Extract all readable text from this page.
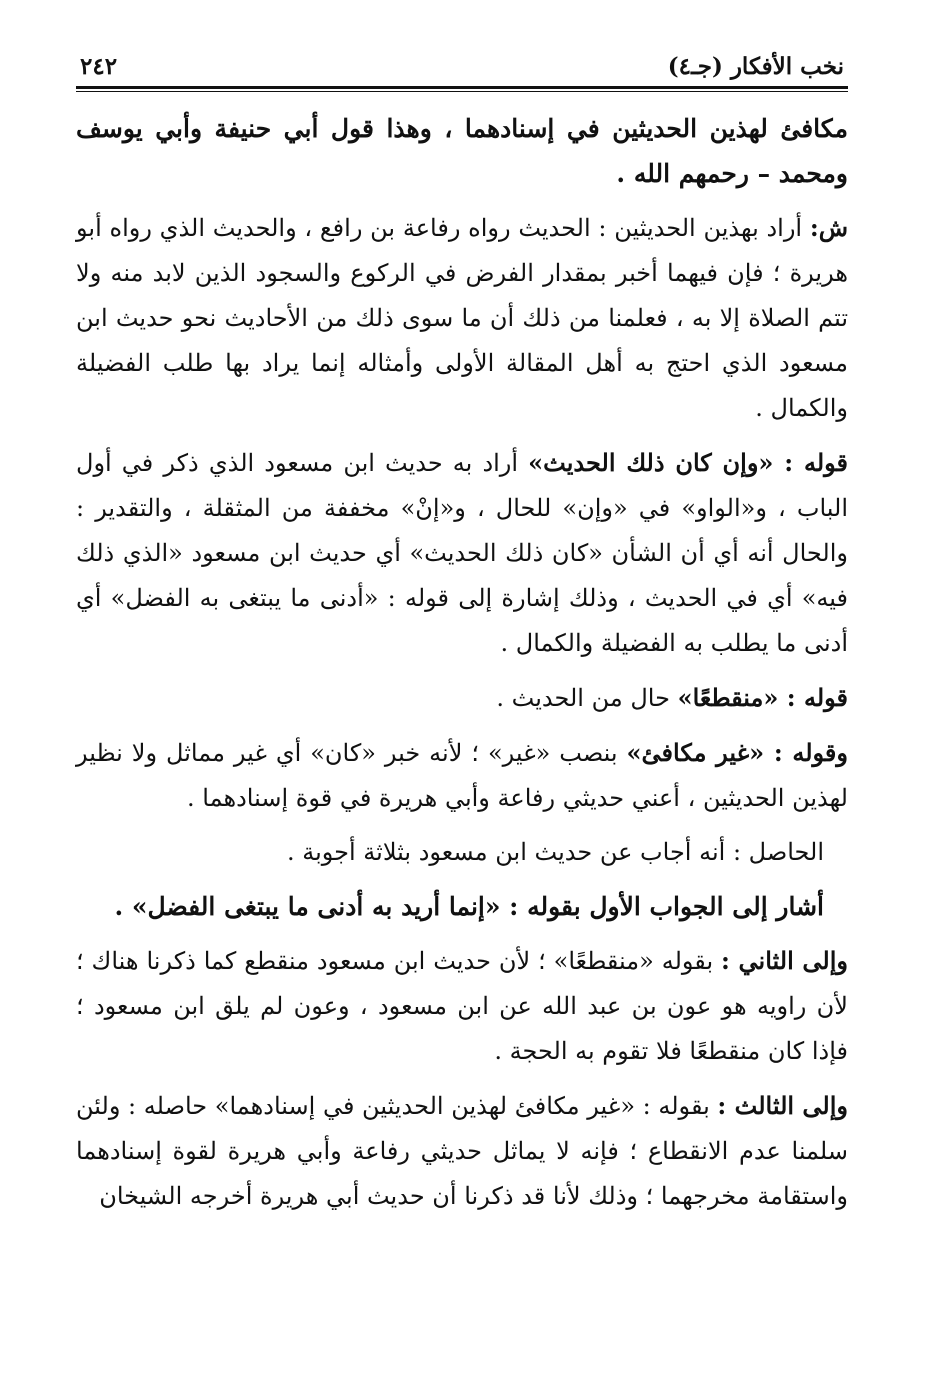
نخب الأفكار (جـ٤)
٢٤٢

مكافئ لهذين الحديثين في إسنادهما ، وهذا قول أبي حنيفة وأبي يوسف ومحمد – رحمهم الله .

ش: أراد بهذين الحديثين : الحديث رواه رفاعة بن رافع ، والحديث الذي رواه أبو هريرة ؛ فإن فيهما أخبر بمقدار الفرض في الركوع والسجود الذين لابد منه ولا تتم الصلاة إلا به ، فعلمنا من ذلك أن ما سوى ذلك من الأحاديث نحو حديث ابن مسعود الذي احتج به أهل المقالة الأولى وأمثاله إنما يراد بها طلب الفضيلة والكمال .

قوله : «وإن كان ذلك الحديث» أراد به حديث ابن مسعود الذي ذكر في أول الباب ، و«الواو» في «وإن» للحال ، و«إنْ» مخففة من المثقلة ، والتقدير : والحال أنه أي أن الشأن «كان ذلك الحديث» أي حديث ابن مسعود «الذي ذلك فيه» أي في الحديث ، وذلك إشارة إلى قوله : «أدنى ما يبتغى به الفضل» أي أدنى ما يطلب به الفضيلة والكمال .

قوله : «منقطعًا» حال من الحديث .

وقوله : «غير مكافئ» بنصب «غير» ؛ لأنه خبر «كان» أي غير مماثل ولا نظير لهذين الحديثين ، أعني حديثي رفاعة وأبي هريرة في قوة إسنادهما .

الحاصل : أنه أجاب عن حديث ابن مسعود بثلاثة أجوبة .

أشار إلى الجواب الأول بقوله : «إنما أريد به أدنى ما يبتغى الفضل» .

وإلى الثاني : بقوله «منقطعًا» ؛ لأن حديث ابن مسعود منقطع كما ذكرنا هناك ؛ لأن راويه هو عون بن عبد الله عن ابن مسعود ، وعون لم يلق ابن مسعود ؛ فإذا كان منقطعًا فلا تقوم به الحجة .

وإلى الثالث : بقوله : «غير مكافئ لهذين الحديثين في إسنادهما» حاصله : ولئن سلمنا عدم الانقطاع ؛ فإنه لا يماثل حديثي رفاعة وأبي هريرة لقوة إسنادهما واستقامة مخرجهما ؛ وذلك لأنا قد ذكرنا أن حديث أبي هريرة أخرجه الشيخان
